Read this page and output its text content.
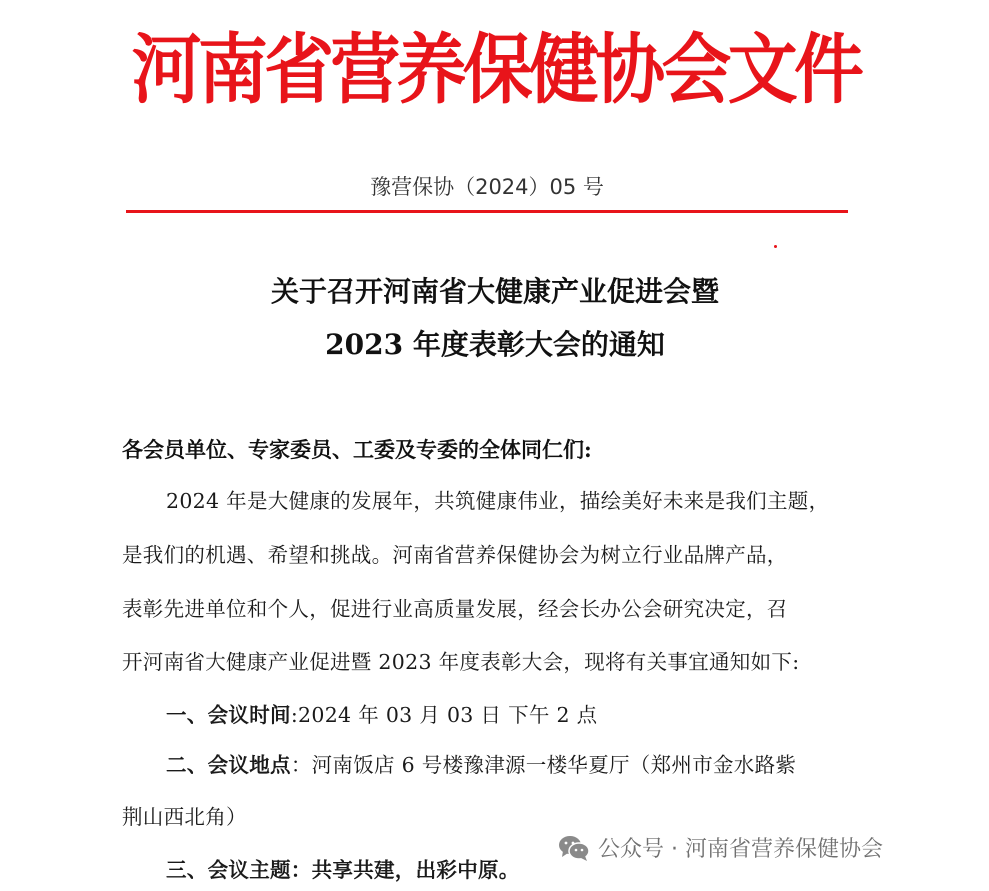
河南省营养保健协会文件
豫营保协（2024）05 号
关于召开河南省大健康产业促进会暨
2023 年度表彰大会的通知
各会员单位、专家委员、工委及专委的全体同仁们:
2024 年是大健康的发展年，共筑健康伟业，描绘美好未来是我们主题，
是我们的机遇、希望和挑战。河南省营养保健协会为树立行业品牌产品，
表彰先进单位和个人，促进行业高质量发展，经会长办公会研究决定，召
开河南省大健康产业促进暨 2023 年度表彰大会，现将有关事宜通知如下:
一、会议时间:2024 年 03 月 03 日 下午 2 点
二、会议地点：河南饭店 6 号楼豫津源一楼华夏厅（郑州市金水路紫
荆山西北角）
三、会议主题：共享共建，出彩中原。
公众号 · 河南省营养保健协会
